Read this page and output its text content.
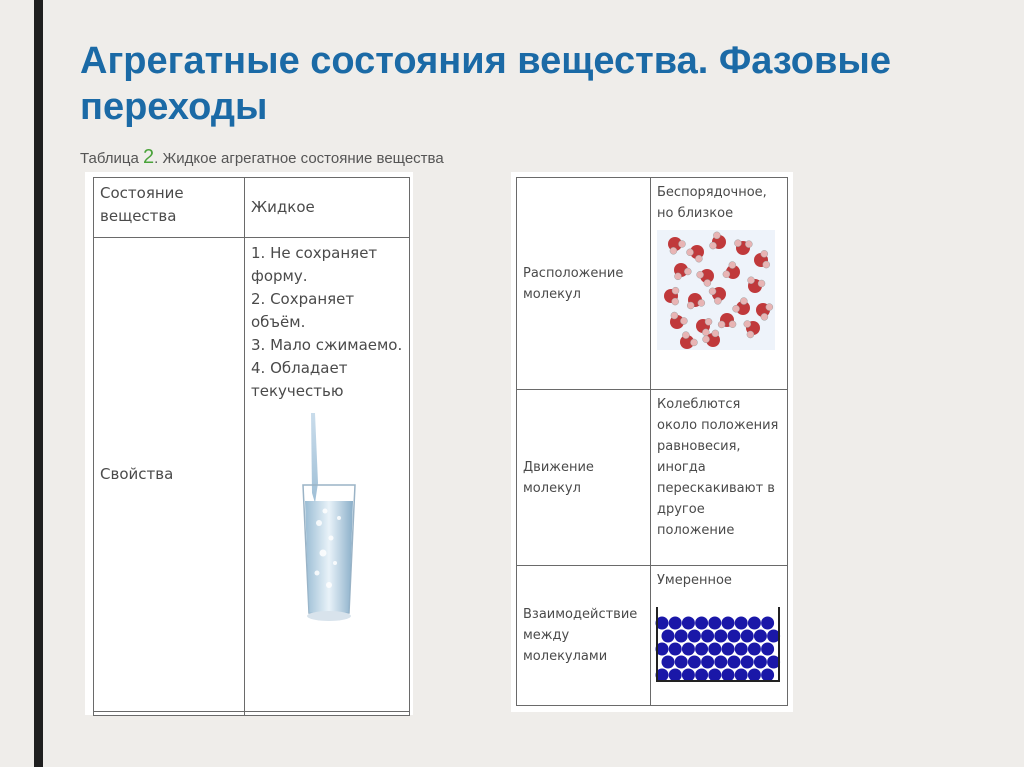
Агрегатные состояния вещества. Фазовые переходы
Таблица 2. Жидкое агрегатное состояние вещества
Состояние вещества	Жидкое

Свойства	1. Не сохраняет форму.
2. Сохраняет объём.
3. Мало сжимаемо.
4. Обладает текучестью

Расположение молекул	Беспорядочное, но близкое

Движение молекул	Колеблются около положения равновесия, иногда перескакивают в другое положение

Взаимодействие между молекулами	Умеренное
